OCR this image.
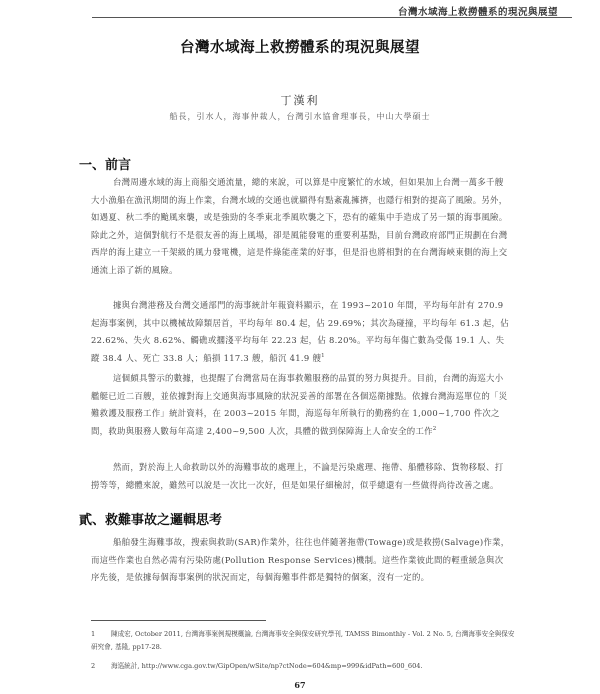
台灣水域海上救撈體系的現況與展望
台灣水域海上救撈體系的現況與展望
丁漢利
船長，引水人，海事仲裁人，台灣引水協會理事長，中山大學碩士
一、前言

台灣周邊水域的海上商船交通流量，總的來說，可以算是中度繁忙的水域，但如果加上台灣一萬多千艘大小漁船在漁汛期間的海上作業，台灣水域的交通也就顯得有點紊亂擁擠，也隱行相對的提高了風險。另外，如遇夏、秋二季的颱風來襲，或是強勁的冬季東北季風吹襲之下，恐有的確集中手造成了另一類的海事風險。除此之外，這個對航行不是很友善的海上風場，卻是風能發電的重要利基點，目前台灣政府部門正規劃在台灣西岸的海上建立一千架級的風力發電機，這是件綠能產業的好事，但是沿也將相對的在台灣海峽東側的海上交通流上添了新的風險。

據與台灣港務及台灣交通部門的海事統計年報資料顯示，在 1993~2010 年間，平均每年計有 270.9 起海事案例，其中以機械故障類居首，平均每年 80.4 起，佔 29.69%；其次為碰撞，平均每年 61.3 起，佔 22.62%、失火 8.62%、觸礁或擱淺平均每年 22.23 起，佔 8.20%。平均每年傷亡數為受傷 19.1 人、失蹤 38.4 人、死亡 33.8 人；船損 117.3 艘，船沉 41.9 艘$^1$

這個頗具警示的數據，也提醒了台灣當局在海事救難服務的品質的努力與提升。目前，台灣的海巡大小艦艇已近二百艘，並依據對海上交通與海事風險的狀況妥善的部署在各個巡衛據點。依據台灣海巡單位的「災難救護及服務工作」統計資料，在 2003~2015 年間，海巡每年所執行的勤務約在 1,000~1,700 件次之間，救助與服務人數每年高達 2,400~9,500 人次，具體的做到保障海上人命安全的工作$^2$

然而，對於海上人命救助以外的海難事故的處理上，不論是污染處理、拖帶、船體移除、貨物移駁、打撈等等，總體來說，雖然可以說是一次比一次好，但是如果仔細檢討，似乎總還有一些做得尚待改善之處。

貳、救難事故之邏輯思考

船舶發生海難事故，搜索與救助(SAR)作業外，往往也伴隨著拖帶(Towage)或是救撈(Salvage)作業，而這些作業也自然必需有污染防處(Pollution Response Services)機制。這些作業彼此間的輕重緩急與次序先後，是依據每個海事案例的狀況而定，每個海難事件都是獨特的個案，沒有一定的。

1 陳成宏, October 2011, 台灣海事案例規模概論, 台灣海事安全與保安研究學刊, TAMSS Bimonthly - Vol. 2 No. 5, 台灣海事安全與保安研究會, 基隆, pp17-28.
2 海巡統計, http://www.cga.gov.tw/GipOpen/wSite/np?ctNode=604&mp=999&idPath=600_604.
67
